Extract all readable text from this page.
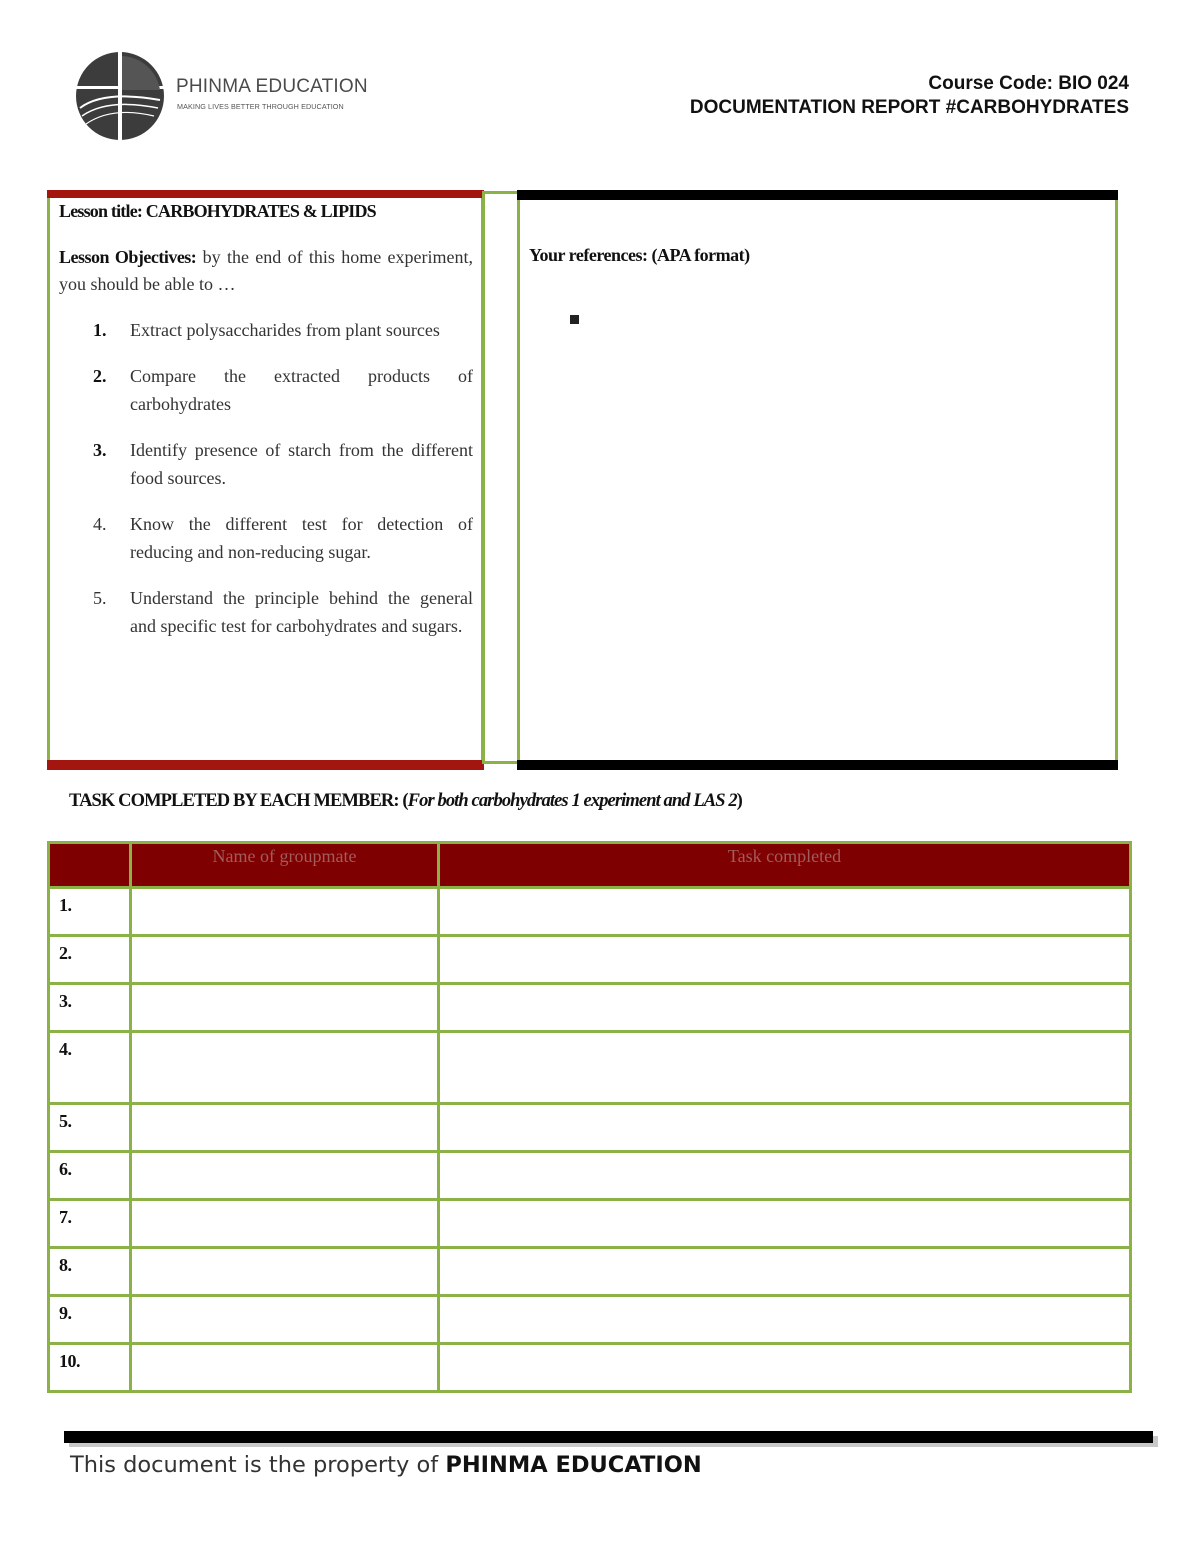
PHINMA EDUCATION
MAKING LIVES BETTER THROUGH EDUCATION
Course Code: BIO 024
DOCUMENTATION REPORT #CARBOHYDRATES
Lesson title: CARBOHYDRATES & LIPIDS
Lesson Objectives: by the end of this home experiment, you should be able to …
1. Extract polysaccharides from plant sources
2. Compare the extracted products of carbohydrates
3. Identify presence of starch from the different food sources.
4. Know the different test for detection of reducing and non-reducing sugar.
5. Understand the principle behind the general and specific test for carbohydrates and sugars.
Your references: (APA format)
TASK COMPLETED BY EACH MEMBER: (For both carbohydrates 1 experiment and LAS 2)
	Name of groupmate	Task completed
1.		
2.		
3.		
4.		
5.		
6.		
7.		
8.		
9.		
10.		
This document is the property of PHINMA EDUCATION
